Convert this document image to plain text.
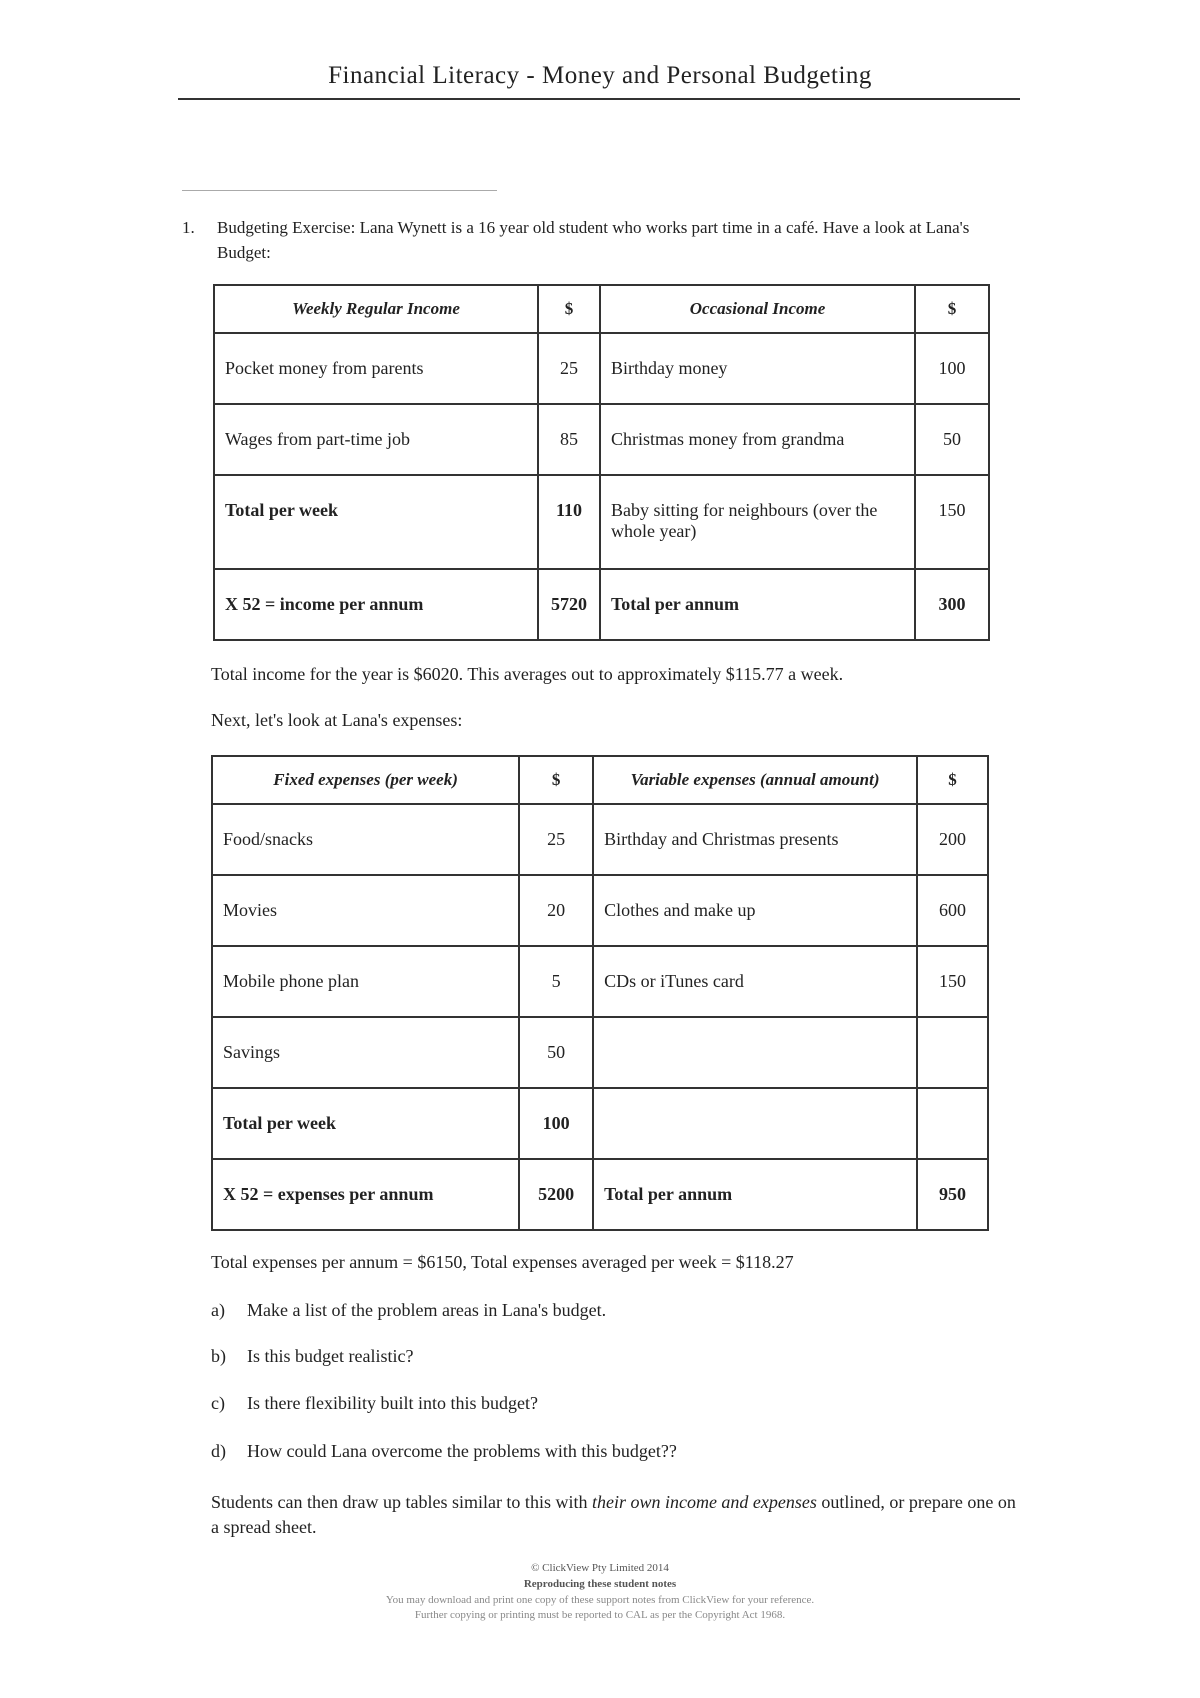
Financial Literacy - Money and Personal Budgeting
1. Budgeting Exercise: Lana Wynett is a 16 year old student who works part time in a café. Have a look at Lana's Budget:
Weekly Regular Income	$	Occasional Income	$
Pocket money from parents	25	Birthday money	100
Wages from part-time job	85	Christmas money from grandma	50
Total per week	110	Baby sitting for neighbours (over the whole year)	150
X 52 = income per annum	5720	Total per annum	300
Total income for the year is $6020. This averages out to approximately $115.77 a week.
Next, let's look at Lana's expenses:
Fixed expenses (per week)	$	Variable expenses (annual amount)	$
Food/snacks	25	Birthday and Christmas presents	200
Movies	20	Clothes and make up	600
Mobile phone plan	5	CDs or iTunes card	150
Savings	50		
Total per week	100		
X 52 = expenses per annum	5200	Total per annum	950
Total expenses per annum = $6150, Total expenses averaged per week = $118.27
a) Make a list of the problem areas in Lana's budget.
b) Is this budget realistic?
c) Is there flexibility built into this budget?
d) How could Lana overcome the problems with this budget??
Students can then draw up tables similar to this with their own income and expenses outlined, or prepare one on a spread sheet.
© ClickView Pty Limited 2014
Reproducing these student notes
You may download and print one copy of these support notes from ClickView for your reference.
Further copying or printing must be reported to CAL as per the Copyright Act 1968.
